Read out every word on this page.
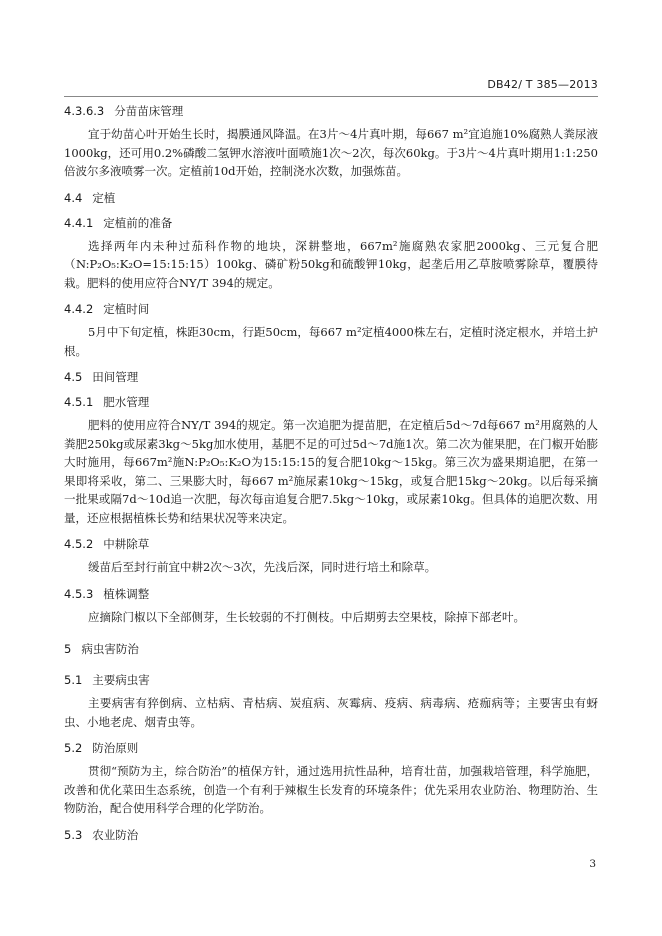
DB42/ T 385—2013
4.3.6.3 分苗苗床管理

宜于幼苗心叶开始生长时，揭膜通风降温。在3片～4片真叶期，每667 m²宜追施10%腐熟人粪尿液1000kg，还可用0.2%磷酸二氢钾水溶液叶面喷施1次～2次，每次60kg。于3片～4片真叶期用1:1:250倍波尔多液喷雾一次。定植前10d开始，控制浇水次数，加强炼苗。

4.4 定植
4.4.1 定植前的准备

选择两年内未种过茄科作物的地块，深耕整地，667m²施腐熟农家肥2000kg、三元复合肥（N:P₂O₅:K₂O=15:15:15）100kg、磷矿粉50kg和硫酸钾10kg，起垄后用乙草胺喷雾除草，覆膜待栽。肥料的使用应符合NY/T 394的规定。

4.4.2 定植时间

5月中下旬定植，株距30cm，行距50cm，每667 m²定植4000株左右，定植时浇定根水，并培土护根。

4.5 田间管理
4.5.1 肥水管理

肥料的使用应符合NY/T 394的规定。第一次追肥为提苗肥，在定植后5d～7d每667 m²用腐熟的人粪肥250kg或尿素3kg～5kg加水使用，基肥不足的可过5d～7d施1次。第二次为催果肥，在门椒开始膨大时施用，每667m²施N:P₂O₅:K₂O为15:15:15的复合肥10kg～15kg。第三次为盛果期追肥，在第一果即将采收，第二、三果膨大时，每667 m²施尿素10kg～15kg，或复合肥15kg～20kg。以后每采摘一批果或隔7d～10d追一次肥，每次每亩追复合肥7.5kg～10kg，或尿素10kg。但具体的追肥次数、用量，还应根据植株长势和结果状况等来决定。

4.5.2 中耕除草

缓苗后至封行前宜中耕2次～3次，先浅后深，同时进行培土和除草。

4.5.3 植株调整

应摘除门椒以下全部侧芽，生长较弱的不打侧枝。中后期剪去空果枝，除掉下部老叶。

5 病虫害防治
5.1 主要病虫害

主要病害有猝倒病、立枯病、青枯病、炭疽病、灰霉病、疫病、病毒病、疮痂病等；主要害虫有蚜虫、小地老虎、烟青虫等。

5.2 防治原则

贯彻“预防为主，综合防治”的植保方针，通过选用抗性品种，培育壮苗，加强栽培管理，科学施肥，改善和优化菜田生态系统，创造一个有利于辣椒生长发育的环境条件；优先采用农业防治、物理防治、生物防治，配合使用科学合理的化学防治。

5.3 农业防治
3
